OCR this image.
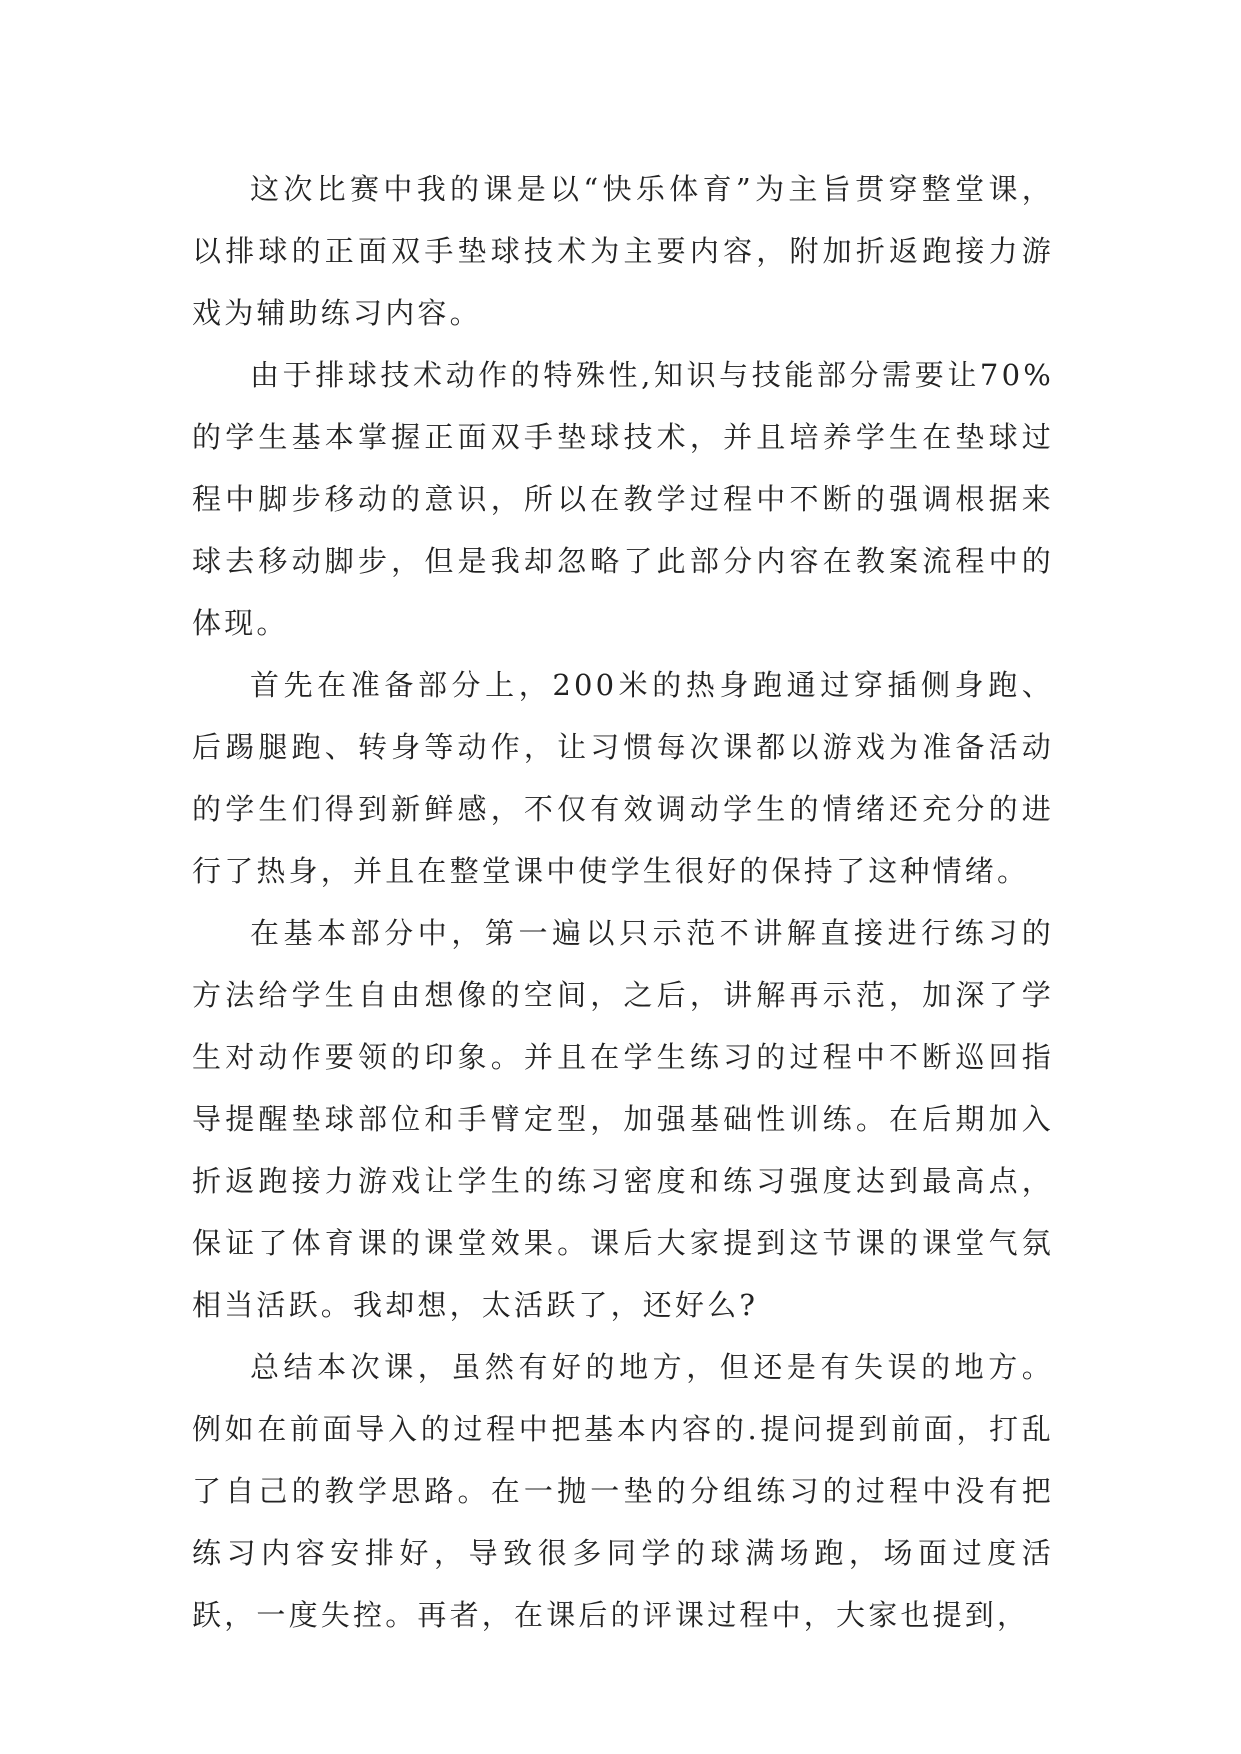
这次比赛中我的课是以“快乐体育”为主旨贯穿整堂课，以排球的正面双手垫球技术为主要内容，附加折返跑接力游戏为辅助练习内容。

由于排球技术动作的特殊性,知识与技能部分需要让70%的学生基本掌握正面双手垫球技术，并且培养学生在垫球过程中脚步移动的意识，所以在教学过程中不断的强调根据来球去移动脚步，但是我却忽略了此部分内容在教案流程中的体现。

首先在准备部分上，200米的热身跑通过穿插侧身跑、后踢腿跑、转身等动作，让习惯每次课都以游戏为准备活动的学生们得到新鲜感，不仅有效调动学生的情绪还充分的进行了热身，并且在整堂课中使学生很好的保持了这种情绪。

在基本部分中，第一遍以只示范不讲解直接进行练习的方法给学生自由想像的空间，之后，讲解再示范，加深了学生对动作要领的印象。并且在学生练习的过程中不断巡回指导提醒垫球部位和手臂定型，加强基础性训练。在后期加入折返跑接力游戏让学生的练习密度和练习强度达到最高点，保证了体育课的课堂效果。课后大家提到这节课的课堂气氛相当活跃。我却想，太活跃了，还好么?

总结本次课，虽然有好的地方，但还是有失误的地方。例如在前面导入的过程中把基本内容的.提问提到前面，打乱了自己的教学思路。在一抛一垫的分组练习的过程中没有把练习内容安排好，导致很多同学的球满场跑，场面过度活跃，一度失控。再者，在课后的评课过程中，大家也提到，
